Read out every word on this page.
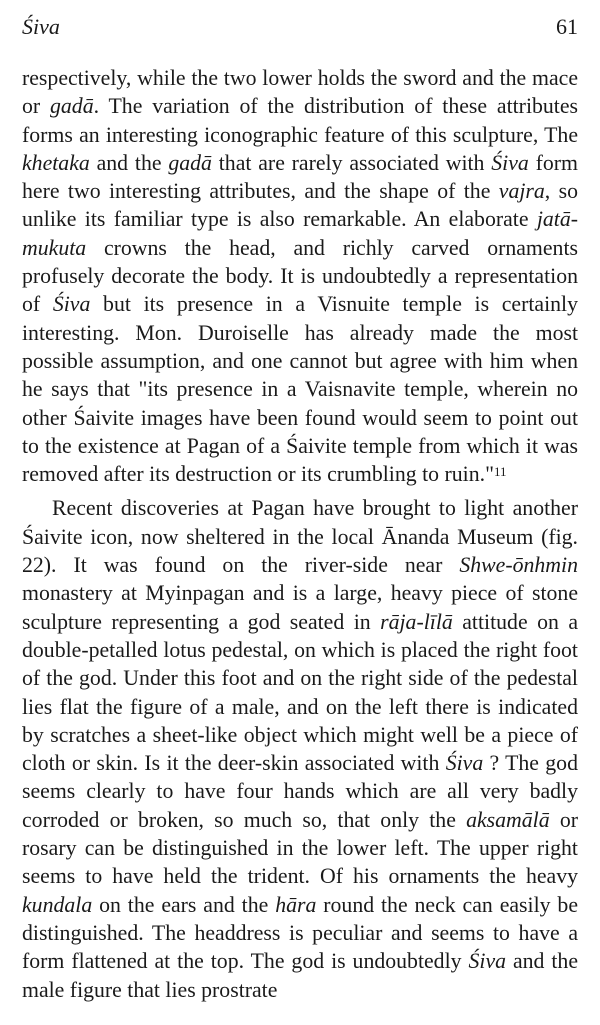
Śiva	61

respectively, while the two lower holds the sword and the mace or gadā. The variation of the distribution of these attributes forms an interesting iconographic feature of this sculpture, The khetaka and the gadā that are rarely associated with Śiva form here two interesting attributes, and the shape of the vajra, so unlike its familiar type is also remarkable. An elaborate jatā-mukuta crowns the head, and richly carved ornaments profusely decorate the body. It is undoubtedly a representation of Śiva but its presence in a Visnuite temple is certainly interesting. Mon. Duroiselle has already made the most possible assumption, and one cannot but agree with him when he says that "its presence in a Vaisnavite temple, wherein no other Śaivite images have been found would seem to point out to the existence at Pagan of a Śaivite temple from which it was removed after its destruction or its crumbling to ruin."$^{11}$

Recent discoveries at Pagan have brought to light another Śaivite icon, now sheltered in the local Ānanda Museum (fig. 22). It was found on the river-side near Shwe-ōnhmin monastery at Myinpagan and is a large, heavy piece of stone sculpture representing a god seated in rāja-līlā attitude on a double-petalled lotus pedestal, on which is placed the right foot of the god. Under this foot and on the right side of the pedestal lies flat the figure of a male, and on the left there is indicated by scratches a sheet-like object which might well be a piece of cloth or skin. Is it the deer-skin associated with Śiva ? The god seems clearly to have four hands which are all very badly corroded or broken, so much so, that only the aksamālā or rosary can be distinguished in the lower left. The upper right seems to have held the trident. Of his ornaments the heavy kundala on the ears and the hāra round the neck can easily be distinguished. The headdress is peculiar and seems to have a form flattened at the top. The god is undoubtedly Śiva and the male figure that lies prostrate
